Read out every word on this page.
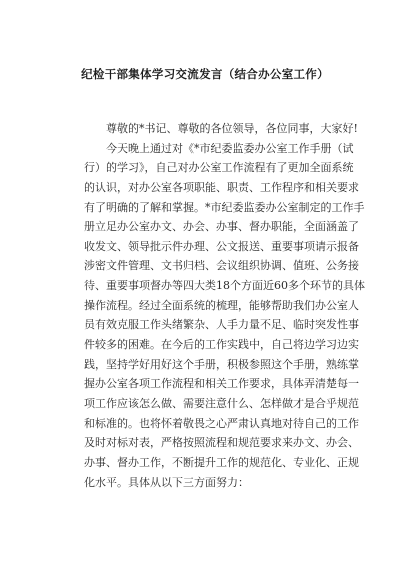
纪检干部集体学习交流发言（结合办公室工作）
　　尊敬的*书记、尊敬的各位领导，各位同事，大家好!
　　今天晚上通过对《*市纪委监委办公室工作手册（试
行）的学习》，自己对办公室工作流程有了更加全面系统
的认识，对办公室各项职能、职责、工作程序和相关要求
有了明确的了解和掌握。*市纪委监委办公室制定的工作手
册立足办公室办文、办会、办事、督办职能，全面涵盖了
收发文、领导批示件办理、公文报送、重要事项请示报备
涉密文件管理、文书归档、会议组织协调、值班、公务接
待、重要事项督办等四大类18个方面近60多个环节的具体
操作流程。经过全面系统的梳理，能够帮助我们办公室人
员有效克服工作头绪繁杂、人手力量不足、临时突发性事
件较多的困难。在今后的工作实践中，自己将边学习边实
践，坚持学好用好这个手册，积极参照这个手册，熟练掌
握办公室各项工作流程和相关工作要求，具体弄清楚每一
项工作应该怎么做、需要注意什么、怎样做才是合乎规范
和标准的。也将怀着敬畏之心严肃认真地对待自己的工作
及时对标对表，严格按照流程和规范要求来办文、办会、
办事、督办工作，不断提升工作的规范化、专业化、正规
化水平。具体从以下三方面努力：
